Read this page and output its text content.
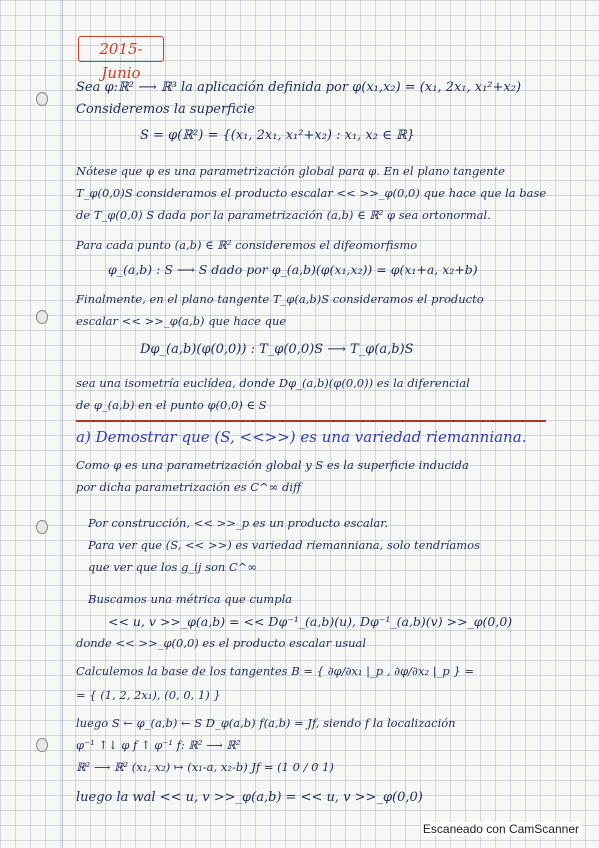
2015- Junio
Sea φ:ℝ² ⟶ ℝ³ la aplicación definida por φ(x₁,x₂) = (x₁, 2x₁, x₁²+x₂)
Consideremos la superficie
S = φ(ℝ²) = {(x₁, 2x₁, x₁²+x₂) : x₁, x₂ ∈ ℝ}
Nótese que φ es una parametrización global para φ. En el plano tangente
T_φ(0,0)S consideramos el producto escalar << >>_φ(0,0) que hace que la base
de T_φ(0,0) S dada por la parametrización (a,b) ∈ ℝ² φ sea ortonormal.
Para cada punto (a,b) ∈ ℝ² consideremos el difeomorfismo
φ_(a,b) : S ⟶ S dado por φ_(a,b)(φ(x₁,x₂)) = φ(x₁+a, x₂+b)
Finalmente, en el plano tangente T_φ(a,b)S consideramos el producto
escalar << >>_φ(a,b) que hace que
Dφ_(a,b)(φ(0,0)) : T_φ(0,0)S ⟶ T_φ(a,b)S
sea una isometría euclídea, donde Dφ_(a,b)(φ(0,0)) es la diferencial
de φ_(a,b) en el punto φ(0,0) ∈ S
a) Demostrar que (S, <<>>) es una variedad riemanniana.
Como φ es una parametrización global y S es la superficie inducida
por dicha parametrización es C^∞ diff
Por construcción, << >>_p es un producto escalar.
Para ver que (S, << >>) es variedad riemanniana, solo tendríamos
que ver que los g_ij son C^∞
Buscamos una métrica que cumpla
<< u, v >>_φ(a,b) = << Dφ⁻¹_(a,b)(u), Dφ⁻¹_(a,b)(v) >>_φ(0,0)
donde << >>_φ(0,0) es el producto escalar usual
Calculemos la base de los tangentes B = { ∂φ/∂x₁ |_p , ∂φ/∂x₂ |_p } =
= { (1, 2, 2x₁), (0, 0, 1) }
luego S ← φ_(a,b) ← S D_φ(a,b) f(a,b) = Jf, siendo f la localización
φ⁻¹ ↑↓ φ f ↑ φ⁻¹ f: ℝ² ⟶ ℝ²
ℝ² ⟶ ℝ² (x₁, x₂) ↦ (x₁-a, x₂-b) Jf = (1 0 / 0 1)
luego la wal << u, v >>_φ(a,b) = << u, v >>_φ(0,0)
Escaneado con CamScanner
